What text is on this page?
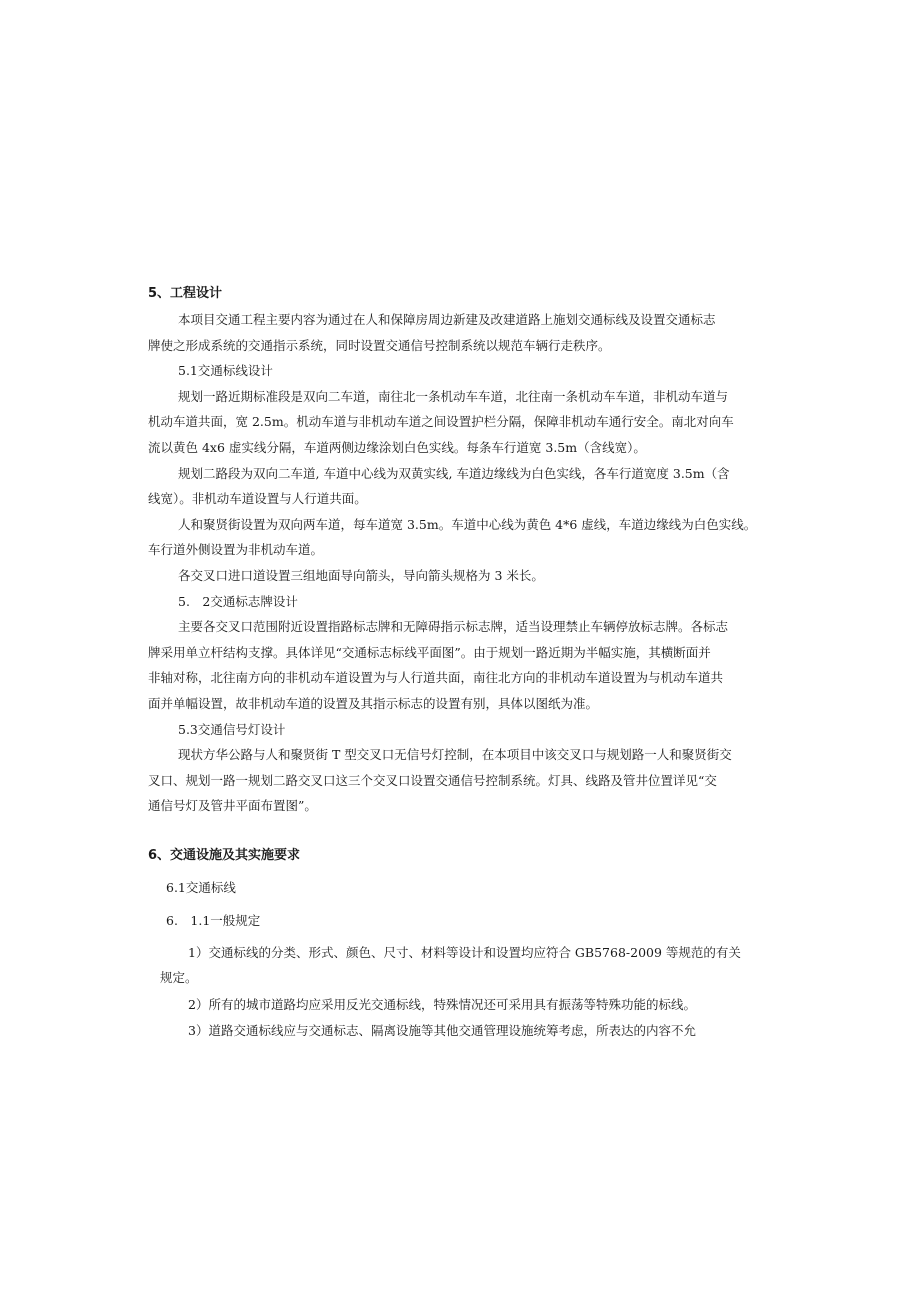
5、工程设计
本项目交通工程主要内容为通过在人和保障房周边新建及改建道路上施划交通标线及设置交通标志
牌使之形成系统的交通指示系统，同时设置交通信号控制系统以规范车辆行走秩序。
5.1交通标线设计
规划一路近期标准段是双向二车道，南往北一条机动车车道，北往南一条机动车车道，非机动车道与
机动车道共面，宽 2.5m。机动车道与非机动车道之间设置护栏分隔，保障非机动车通行安全。南北对向车
流以黄色 4x6 虚实线分隔，车道两侧边缘涂划白色实线。每条车行道宽 3.5m（含线宽）。
规划二路段为双向二车道, 车道中心线为双黄实线, 车道边缘线为白色实线，各车行道宽度 3.5m（含
线宽）。非机动车道设置与人行道共面。
人和聚贤街设置为双向两车道，每车道宽 3.5m。车道中心线为黄色 4*6 虚线，车道边缘线为白色实线。
车行道外侧设置为非机动车道。
各交叉口进口道设置三组地面导向箭头，导向箭头规格为 3 米长。
5.　2交通标志牌设计
主要各交叉口范围附近设置指路标志牌和无障碍指示标志牌，适当设理禁止车辆停放标志牌。各标志
牌采用单立杆结构支撑。具体详见“交通标志标线平面图”。由于规划一路近期为半幅实施，其横断面并
非轴对称，北往南方向的非机动车道设置为与人行道共面，南往北方向的非机动车道设置为与机动车道共
面并单幅设置，故非机动车道的设置及其指示标志的设置有别，具体以图纸为准。
5.3交通信号灯设计
现状方华公路与人和聚贤街 T 型交叉口无信号灯控制，在本项目中该交叉口与规划路一人和聚贤街交
叉口、规划一路一规划二路交叉口这三个交叉口设置交通信号控制系统。灯具、线路及管井位置详见“交
通信号灯及管井平面布置图”。
6、交通设施及其实施要求
6.1交通标线
6.　1.1一般规定
1）交通标线的分类、形式、颜色、尺寸、材料等设计和设置均应符合 GB5768-2009 等规范的有关
规定。
2）所有的城市道路均应采用反光交通标线，特殊情况还可采用具有振荡等特殊功能的标线。
3）道路交通标线应与交通标志、隔离设施等其他交通管理设施统筹考虑，所表达的内容不允
